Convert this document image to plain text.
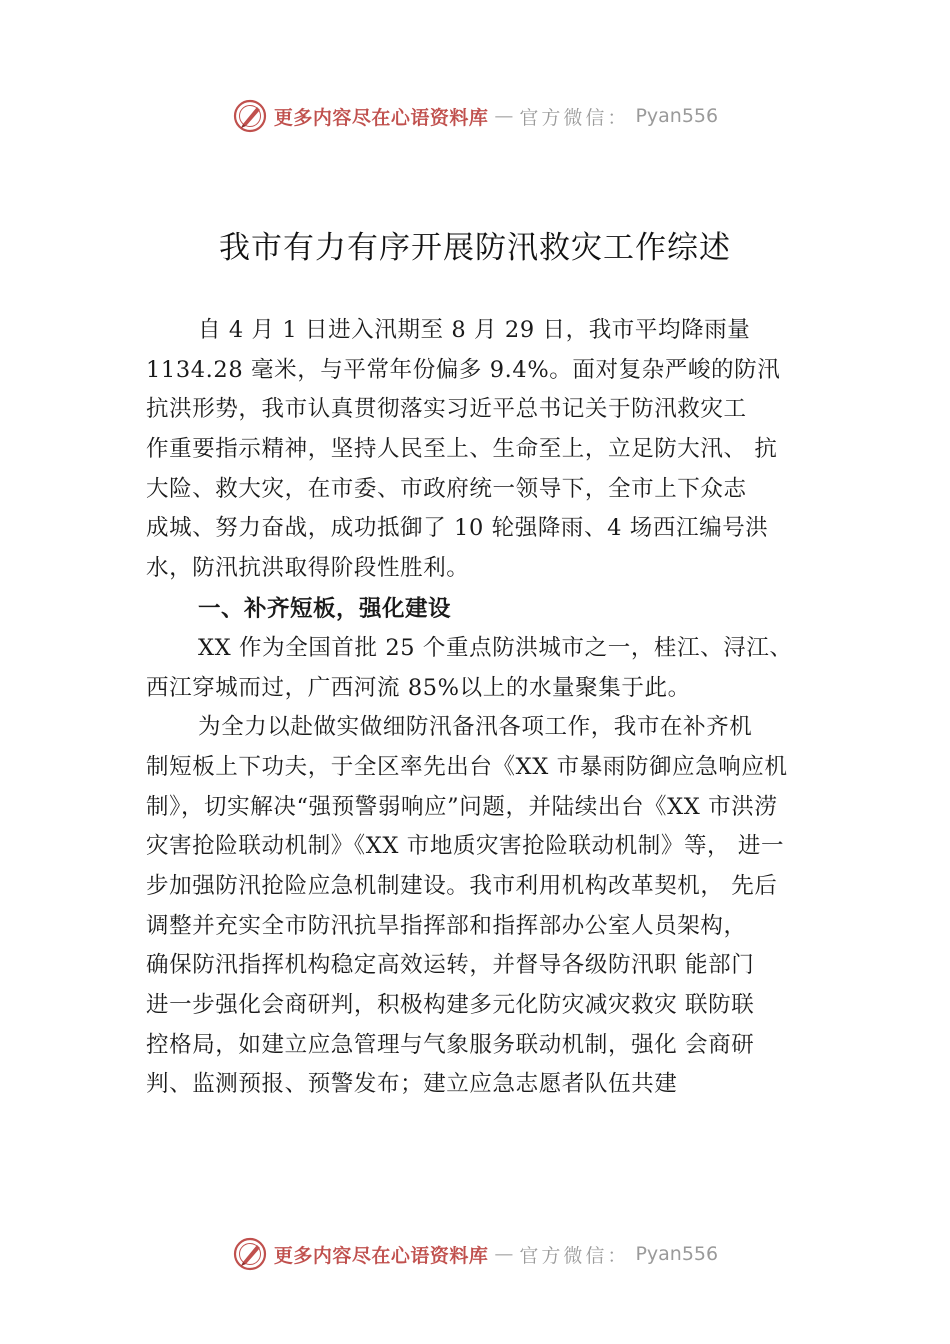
更多内容尽在心语资料库 — 官方微信： Pyan556
我市有力有序开展防汛救灾工作综述
自 4 月 1 日进入汛期至 8 月 29 日，我市平均降雨量
1134.28 毫米，与平常年份偏多 9.4%。面对复杂严峻的防汛
抗洪形势，我市认真贯彻落实习近平总书记关于防汛救灾工
作重要指示精神，坚持人民至上、生命至上，立足防大汛、 抗
大险、救大灾，在市委、市政府统一领导下，全市上下众志
成城、努力奋战，成功抵御了 10 轮强降雨、4 场西江编号洪
水，防汛抗洪取得阶段性胜利。
一、补齐短板，强化建设
XX 作为全国首批 25 个重点防洪城市之一，桂江、浔江、
西江穿城而过，广西河流 85%以上的水量聚集于此。
为全力以赴做实做细防汛备汛各项工作，我市在补齐机
制短板上下功夫，于全区率先出台《XX 市暴雨防御应急响应机
制》，切实解决“强预警弱响应”问题，并陆续出台《XX 市洪涝
灾害抢险联动机制》《XX 市地质灾害抢险联动机制》等， 进一
步加强防汛抢险应急机制建设。我市利用机构改革契机， 先后
调整并充实全市防汛抗旱指挥部和指挥部办公室人员架构，
确保防汛指挥机构稳定高效运转，并督导各级防汛职 能部门
进一步强化会商研判，积极构建多元化防灾减灾救灾 联防联
控格局，如建立应急管理与气象服务联动机制，强化 会商研
判、监测预报、预警发布；建立应急志愿者队伍共建
更多内容尽在心语资料库 — 官方微信： Pyan556
